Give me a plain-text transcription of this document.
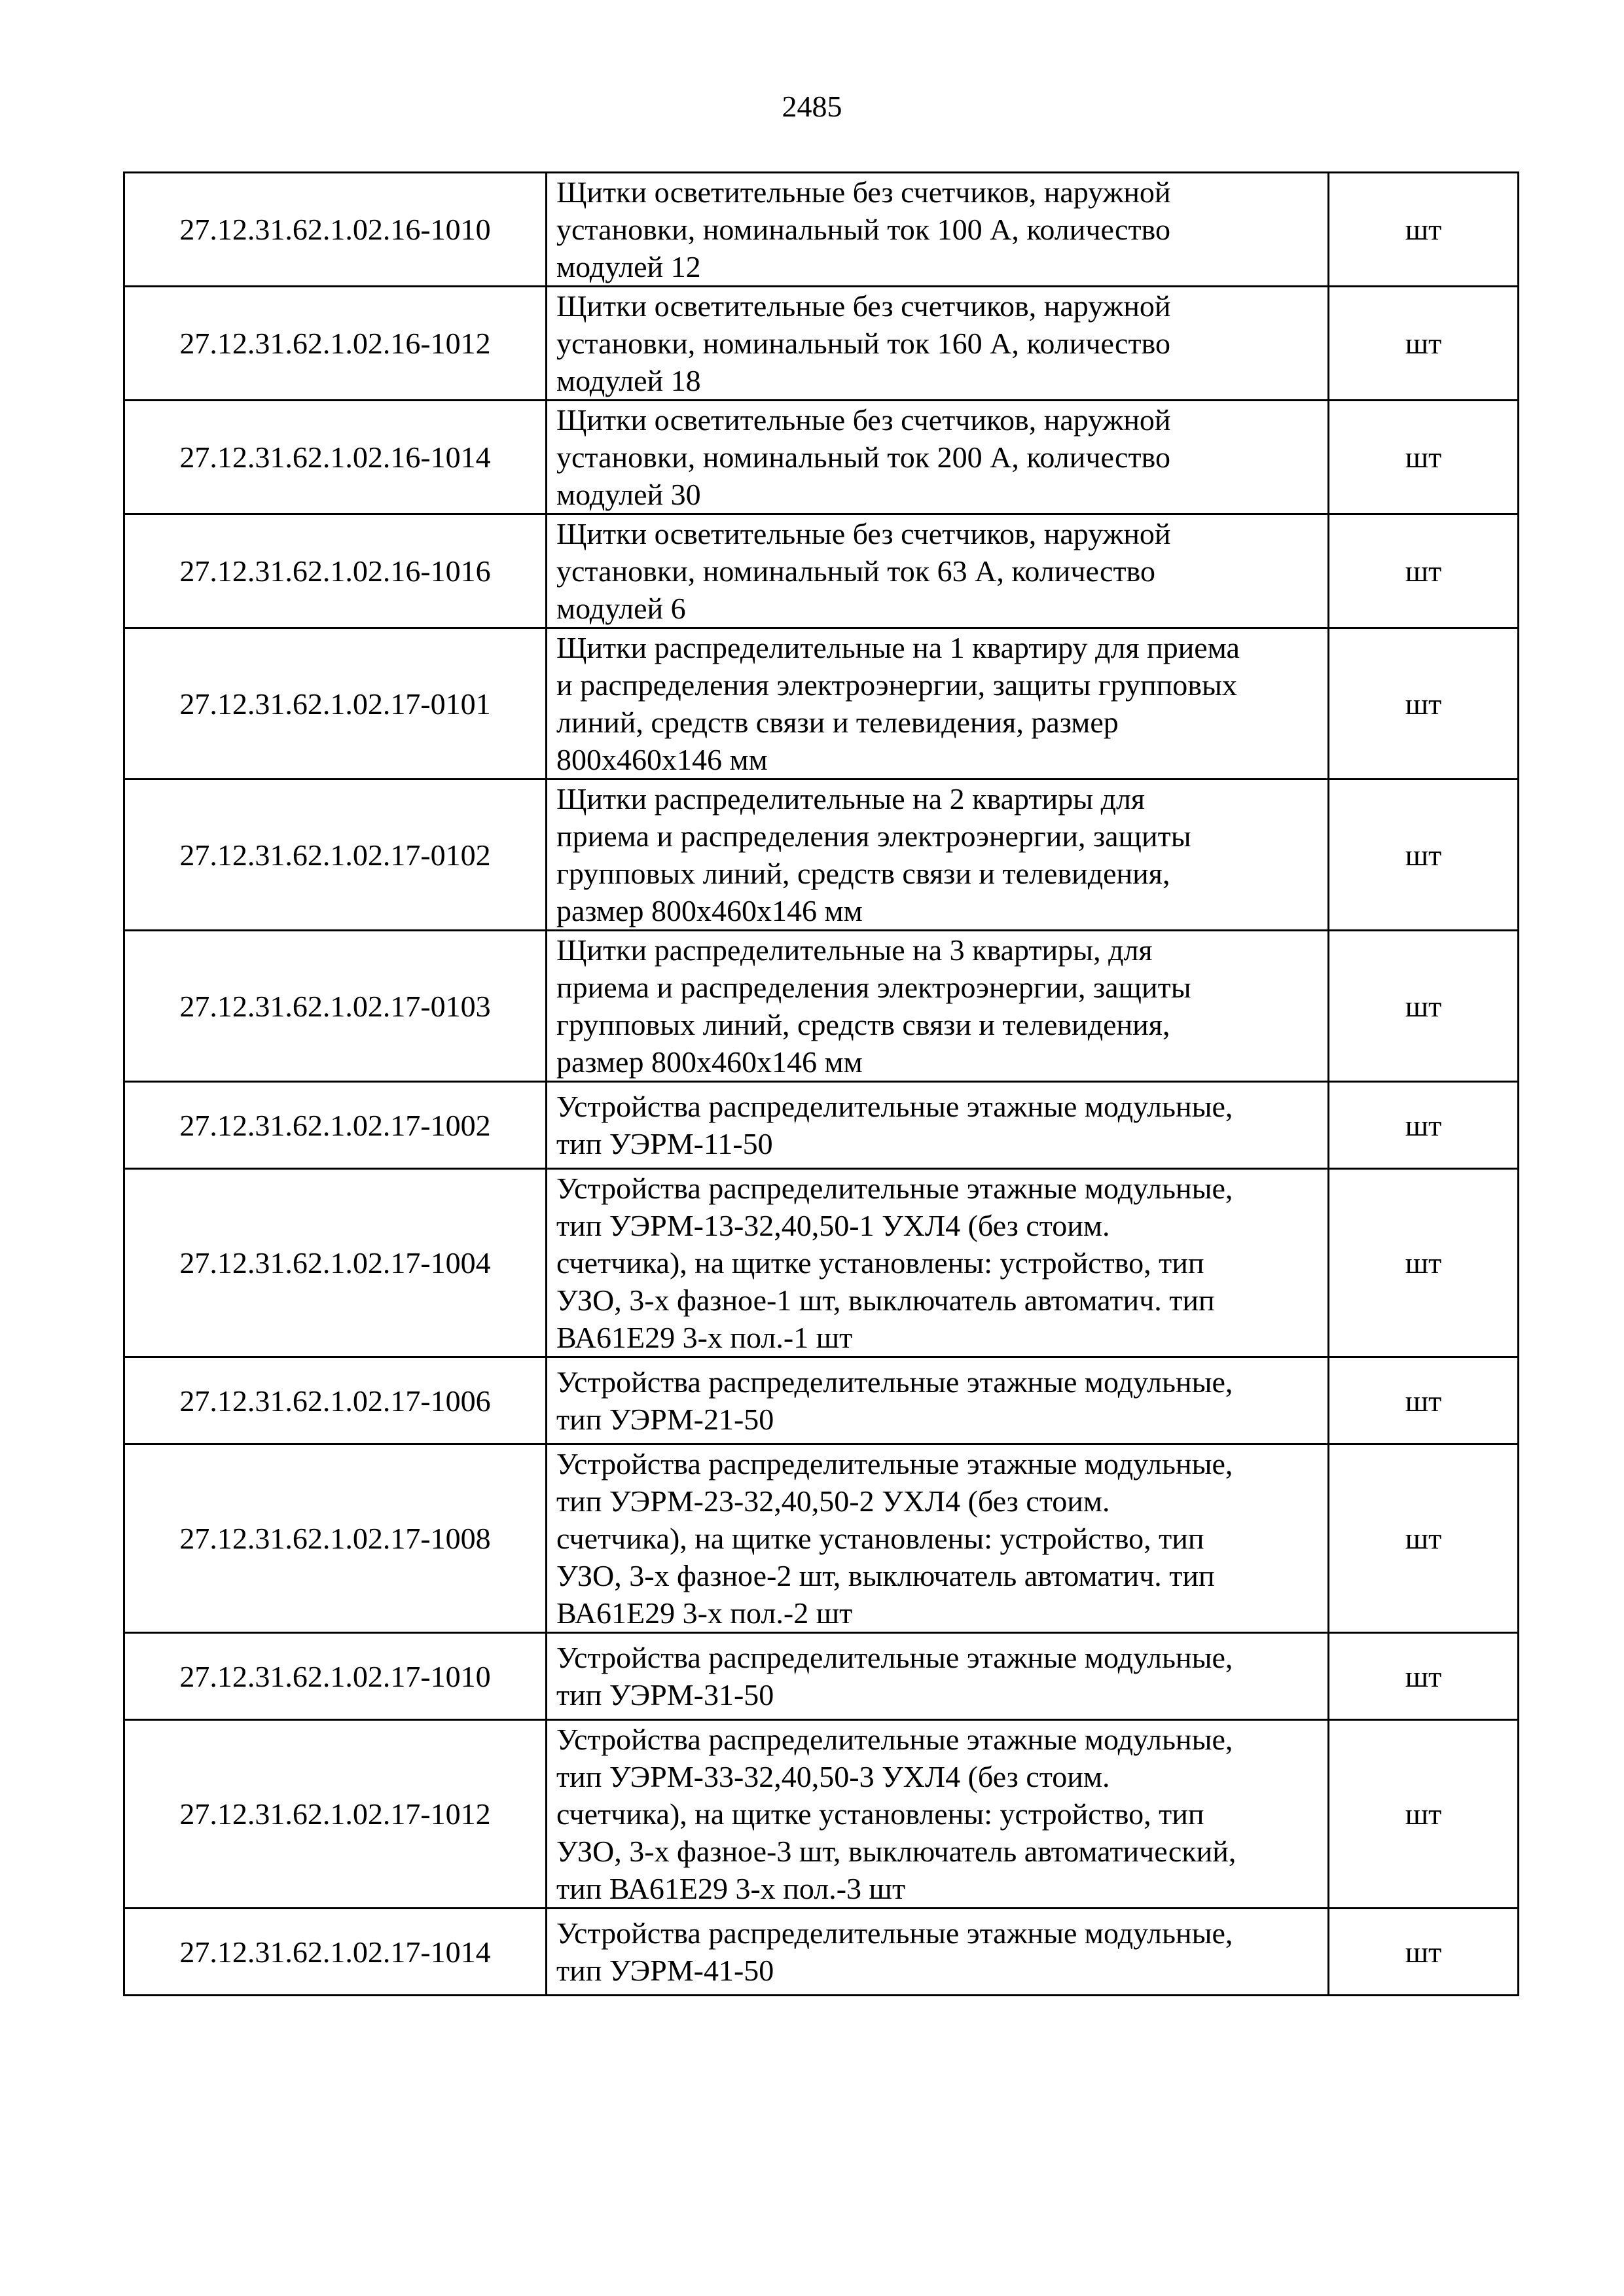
2485
27.12.31.62.1.02.16-1010	Щитки осветительные без счетчиков, наружной
установки, номинальный ток 100 А, количество
модулей 12	шт
27.12.31.62.1.02.16-1012	Щитки осветительные без счетчиков, наружной
установки, номинальный ток 160 А, количество
модулей 18	шт
27.12.31.62.1.02.16-1014	Щитки осветительные без счетчиков, наружной
установки, номинальный ток 200 А, количество
модулей 30	шт
27.12.31.62.1.02.16-1016	Щитки осветительные без счетчиков, наружной
установки, номинальный ток 63 А, количество
модулей 6	шт
27.12.31.62.1.02.17-0101	Щитки распределительные на 1 квартиру для приема
и распределения электроэнергии, защиты групповых
линий, средств связи и телевидения, размер
800х460х146 мм	шт
27.12.31.62.1.02.17-0102	Щитки распределительные на 2 квартиры для
приема и распределения электроэнергии, защиты
групповых линий, средств связи и телевидения,
размер 800х460х146 мм	шт
27.12.31.62.1.02.17-0103	Щитки распределительные на 3 квартиры, для
приема и распределения электроэнергии, защиты
групповых линий, средств связи и телевидения,
размер 800х460х146 мм	шт
27.12.31.62.1.02.17-1002	Устройства распределительные этажные модульные,
тип УЭРМ-11-50	шт
27.12.31.62.1.02.17-1004	Устройства распределительные этажные модульные,
тип УЭРМ-13-32,40,50-1 УХЛ4 (без стоим.
счетчика), на щитке установлены: устройство, тип
УЗО, 3-х фазное-1 шт, выключатель автоматич. тип
ВА61Е29 3-х пол.-1 шт	шт
27.12.31.62.1.02.17-1006	Устройства распределительные этажные модульные,
тип УЭРМ-21-50	шт
27.12.31.62.1.02.17-1008	Устройства распределительные этажные модульные,
тип УЭРМ-23-32,40,50-2 УХЛ4 (без стоим.
счетчика), на щитке установлены: устройство, тип
УЗО, 3-х фазное-2 шт, выключатель автоматич. тип
ВА61Е29 3-х пол.-2 шт	шт
27.12.31.62.1.02.17-1010	Устройства распределительные этажные модульные,
тип УЭРМ-31-50	шт
27.12.31.62.1.02.17-1012	Устройства распределительные этажные модульные,
тип УЭРМ-33-32,40,50-3 УХЛ4 (без стоим.
счетчика), на щитке установлены: устройство, тип
УЗО, 3-х фазное-3 шт, выключатель автоматический,
тип ВА61Е29 3-х пол.-3 шт	шт
27.12.31.62.1.02.17-1014	Устройства распределительные этажные модульные,
тип УЭРМ-41-50	шт
